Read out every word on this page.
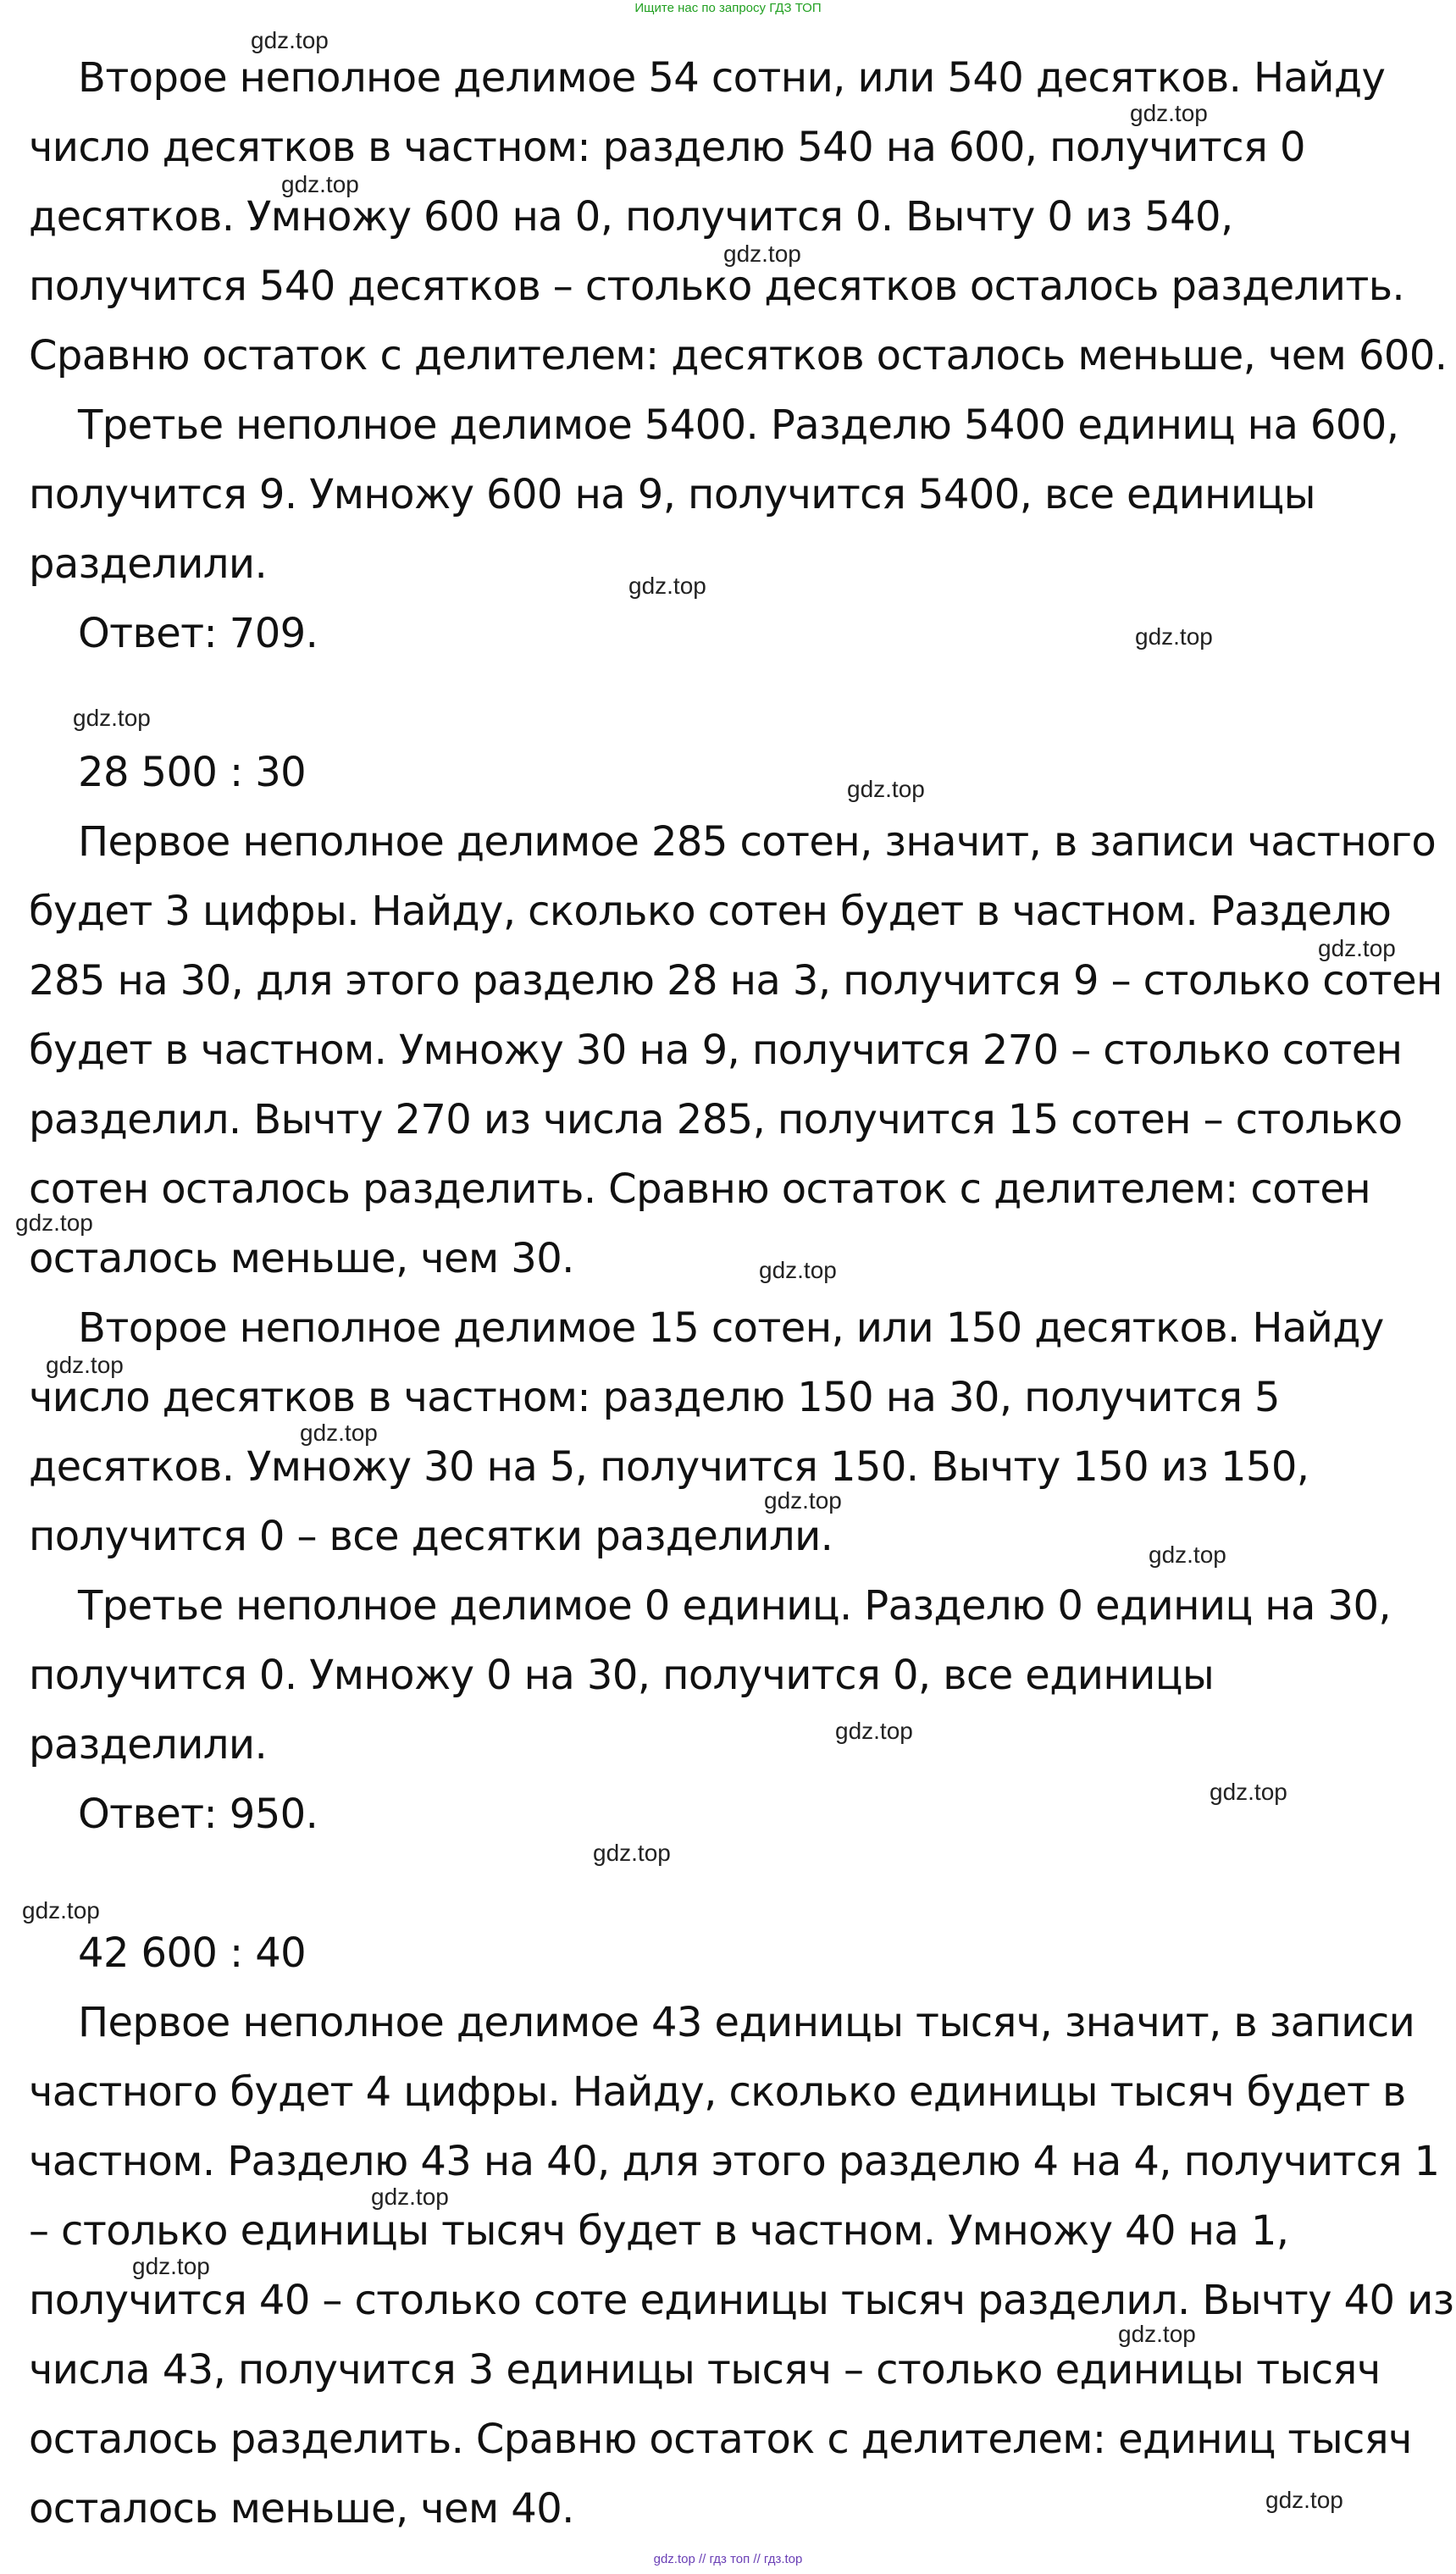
Ищите нас по запросу ГДЗ ТОП
Второе неполное делимое 54 сотни, или 540 десятков. Найду
число десятков в частном: разделю 540 на 600, получится 0
десятков. Умножу 600 на 0, получится 0. Вычту 0 из 540,
получится 540 десятков – столько десятков осталось разделить.
Сравню остаток с делителем: десятков осталось меньше, чем 600.
Третье неполное делимое 5400. Разделю 5400 единиц на 600,
получится 9. Умножу 600 на 9, получится 5400, все единицы
разделили.
Ответ: 709.
28 500 : 30
Первое неполное делимое 285 сотен, значит, в записи частного
будет 3 цифры. Найду, сколько сотен будет в частном. Разделю
285 на 30, для этого разделю 28 на 3, получится 9 – столько сотен
будет в частном. Умножу 30 на 9, получится 270 – столько сотен
разделил. Вычту 270 из числа 285, получится 15 сотен – столько
сотен осталось разделить. Сравню остаток с делителем: сотен
осталось меньше, чем 30.
Второе неполное делимое 15 сотен, или 150 десятков. Найду
число десятков в частном: разделю 150 на 30, получится 5
десятков. Умножу 30 на 5, получится 150. Вычту 150 из 150,
получится 0 – все десятки разделили.
Третье неполное делимое 0 единиц. Разделю 0 единиц на 30,
получится 0. Умножу 0 на 30, получится 0, все единицы
разделили.
Ответ: 950.
42 600 : 40
Первое неполное делимое 43 единицы тысяч, значит, в записи
частного будет 4 цифры. Найду, сколько единицы тысяч будет в
частном. Разделю 43 на 40, для этого разделю 4 на 4, получится 1
– столько единицы тысяч будет в частном. Умножу 40 на 1,
получится 40 – столько соте единицы тысяч разделил. Вычту 40 из
числа 43, получится 3 единицы тысяч – столько единицы тысяч
осталось разделить. Сравню остаток с делителем: единиц тысяч
осталось меньше, чем 40.
gdz.top
gdz.top
gdz.top
gdz.top
gdz.top
gdz.top
gdz.top
gdz.top
gdz.top
gdz.top
gdz.top
gdz.top
gdz.top
gdz.top
gdz.top
gdz.top
gdz.top
gdz.top
gdz.top
gdz.top
gdz.top
gdz.top
gdz.top
gdz.top // гдз топ // гдз.top
